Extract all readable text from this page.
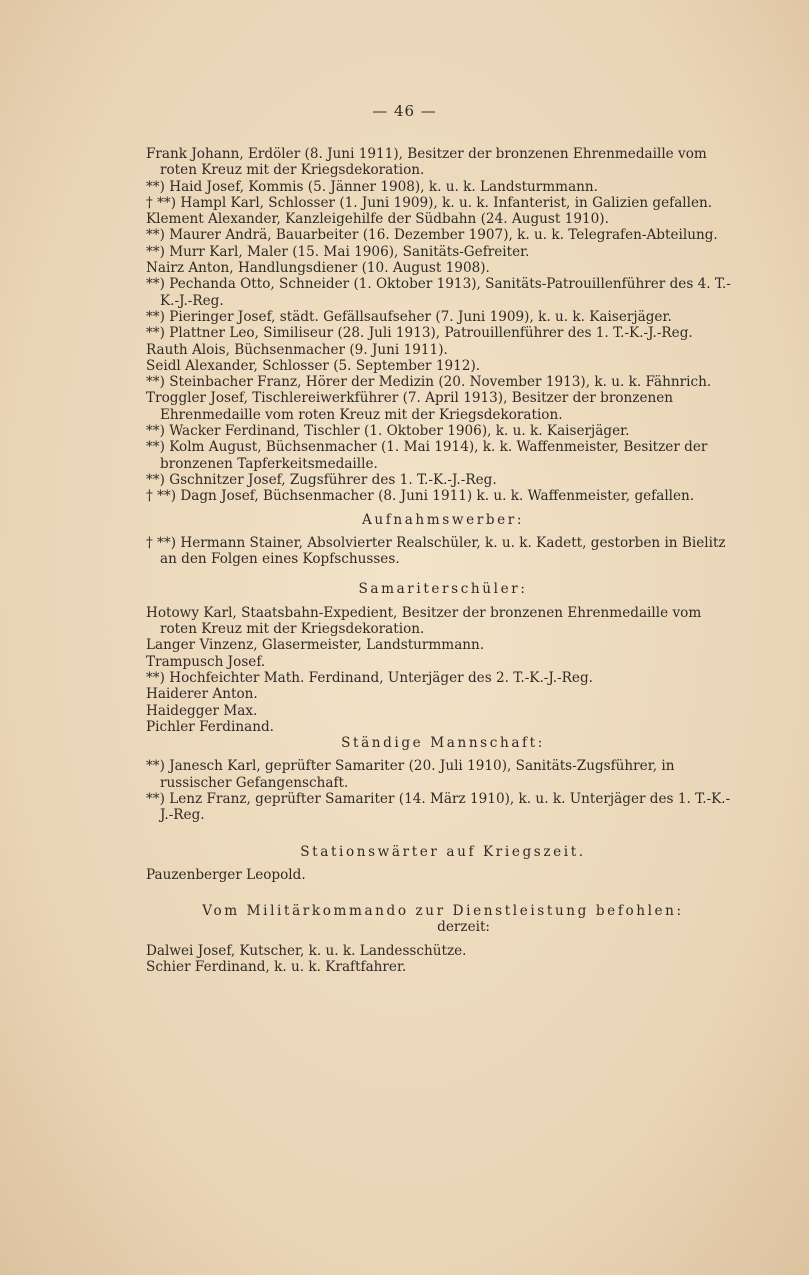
— 46 —

Frank Johann, Erdöler (8. Juni 1911), Besitzer der bronzenen Ehrenmedaille vom roten Kreuz mit der Kriegsdekoration.

**) Haid Josef, Kommis (5. Jänner 1908), k. u. k. Landsturmmann.

† **) Hampl Karl, Schlosser (1. Juni 1909), k. u. k. Infanterist, in Galizien gefallen.

Klement Alexander, Kanzleigehilfe der Südbahn (24. August 1910).

**) Maurer Andrä, Bauarbeiter (16. Dezember 1907), k. u. k. Telegrafen-Abteilung.

**) Murr Karl, Maler (15. Mai 1906), Sanitäts-Gefreiter.

Nairz Anton, Handlungsdiener (10. August 1908).

**) Pechanda Otto, Schneider (1. Oktober 1913), Sanitäts-Patrouillenführer des 4. T.-K.-J.-Reg.

**) Pieringer Josef, städt. Gefällsaufseher (7. Juni 1909), k. u. k. Kaiserjäger.

**) Plattner Leo, Similiseur (28. Juli 1913), Patrouillenführer des 1. T.-K.-J.-Reg.

Rauth Alois, Büchsenmacher (9. Juni 1911).

Seidl Alexander, Schlosser (5. September 1912).

**) Steinbacher Franz, Hörer der Medizin (20. November 1913), k. u. k. Fähnrich.

Troggler Josef, Tischlereiwerkführer (7. April 1913), Besitzer der bronzenen Ehrenmedaille vom roten Kreuz mit der Kriegsdekoration.

**) Wacker Ferdinand, Tischler (1. Oktober 1906), k. u. k. Kaiserjäger.

**) Kolm August, Büchsenmacher (1. Mai 1914), k. k. Waffenmeister, Besitzer der bronzenen Tapferkeitsmedaille.

**) Gschnitzer Josef, Zugsführer des 1. T.-K.-J.-Reg.

† **) Dagn Josef, Büchsenmacher (8. Juni 1911) k. u. k. Waffenmeister, gefallen.

Aufnahmswerber:

† **) Hermann Stainer, Absolvierter Realschüler, k. u. k. Kadett, gestorben in Bielitz an den Folgen eines Kopfschusses.

Samariterschüler:

Hotowy Karl, Staatsbahn-Expedient, Besitzer der bronzenen Ehrenmedaille vom roten Kreuz mit der Kriegsdekoration.

Langer Vinzenz, Glasermeister, Landsturmmann.

Trampusch Josef.

**) Hochfeichter Math. Ferdinand, Unterjäger des 2. T.-K.-J.-Reg.

Haiderer Anton.

Haidegger Max.

Pichler Ferdinand.

Ständige Mannschaft:

**) Janesch Karl, geprüfter Samariter (20. Juli 1910), Sanitäts-Zugsführer, in russischer Gefangenschaft.

**) Lenz Franz, geprüfter Samariter (14. März 1910), k. u. k. Unterjäger des 1. T.-K.-J.-Reg.

Stationswärter auf Kriegszeit.

Pauzenberger Leopold.

Vom Militärkommando zur Dienstleistung befohlen:

derzeit:

Dalwei Josef, Kutscher, k. u. k. Landesschütze.

Schier Ferdinand, k. u. k. Kraftfahrer.
